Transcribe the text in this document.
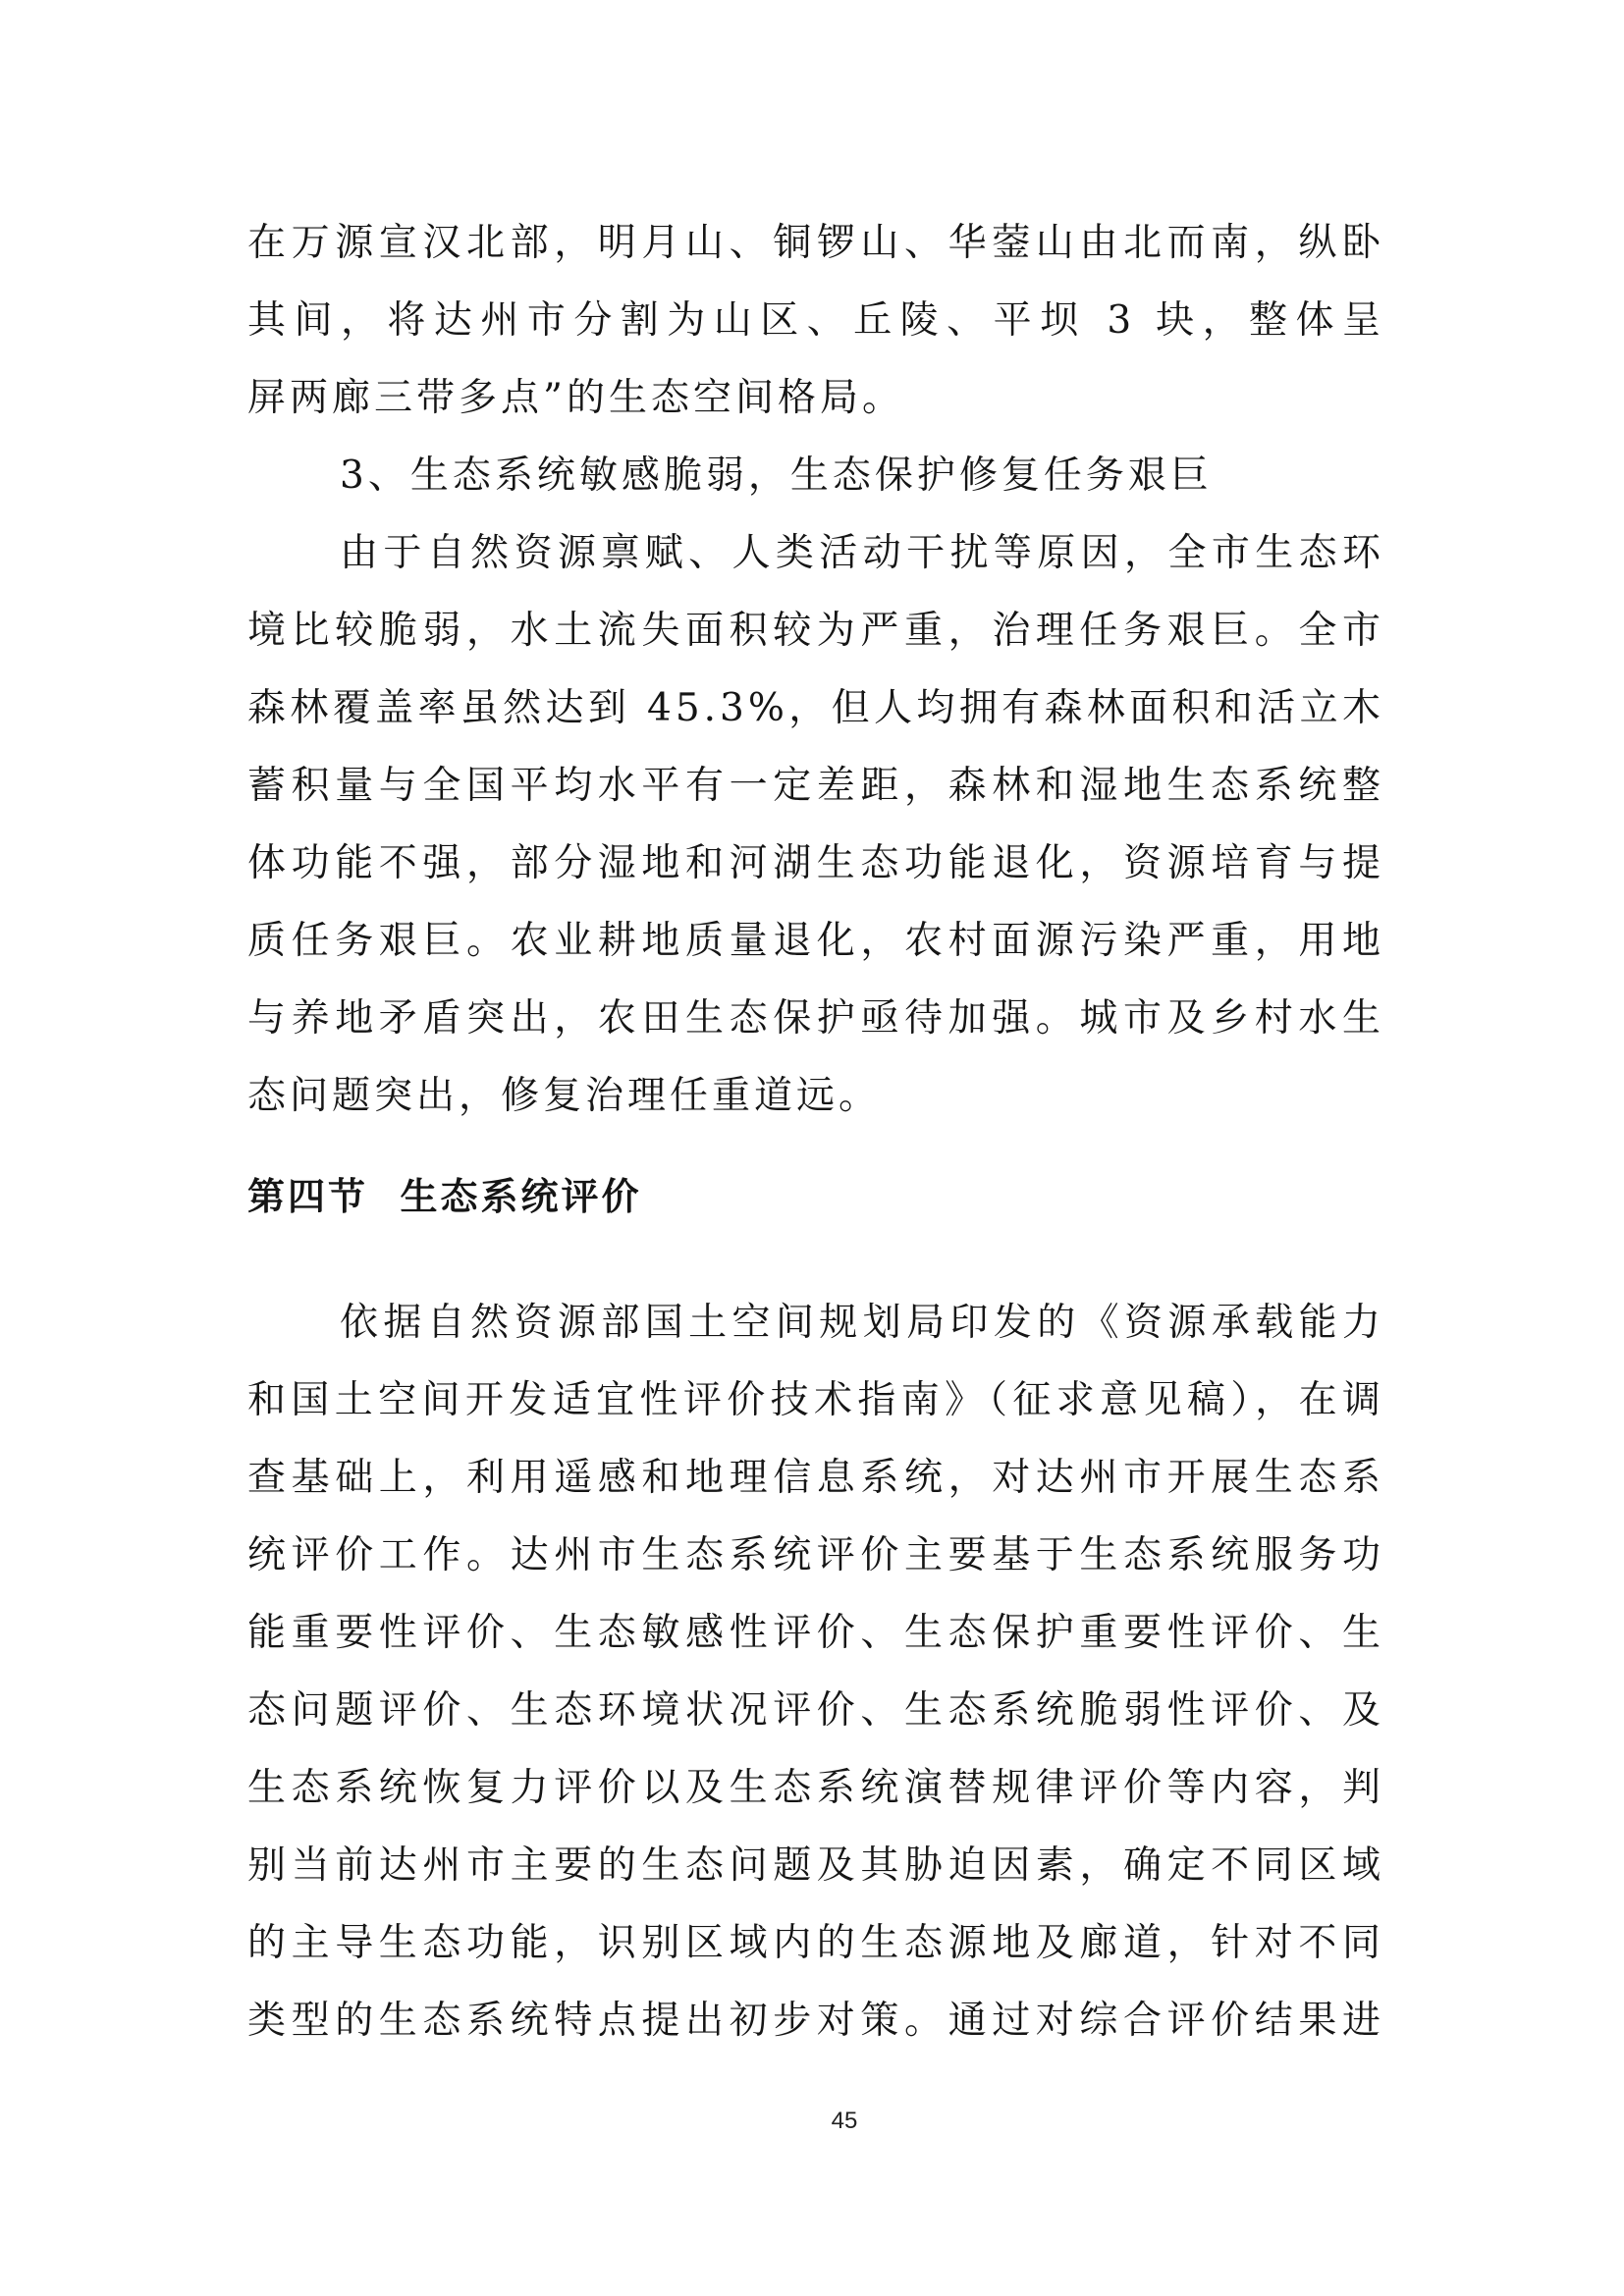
在万源宣汉北部，明月山、铜锣山、华蓥山由北而南，纵卧
其间，将达州市分割为山区、丘陵、平坝 3 块，整体呈
屏两廊三带多点”的生态空间格局。
3、生态系统敏感脆弱，生态保护修复任务艰巨
由于自然资源禀赋、人类活动干扰等原因，全市生态环
境比较脆弱，水土流失面积较为严重，治理任务艰巨。全市
森林覆盖率虽然达到 45.3%，但人均拥有森林面积和活立木
蓄积量与全国平均水平有一定差距，森林和湿地生态系统整
体功能不强，部分湿地和河湖生态功能退化，资源培育与提
质任务艰巨。农业耕地质量退化，农村面源污染严重，用地
与养地矛盾突出，农田生态保护亟待加强。城市及乡村水生
态问题突出，修复治理任重道远。
第四节  生态系统评价
依据自然资源部国土空间规划局印发的《资源承载能力
和国土空间开发适宜性评价技术指南》（征求意见稿），在调
查基础上，利用遥感和地理信息系统，对达州市开展生态系
统评价工作。达州市生态系统评价主要基于生态系统服务功
能重要性评价、生态敏感性评价、生态保护重要性评价、生
态问题评价、生态环境状况评价、生态系统脆弱性评价、及
生态系统恢复力评价以及生态系统演替规律评价等内容，判
别当前达州市主要的生态问题及其胁迫因素，确定不同区域
的主导生态功能，识别区域内的生态源地及廊道，针对不同
类型的生态系统特点提出初步对策。通过对综合评价结果进
45
